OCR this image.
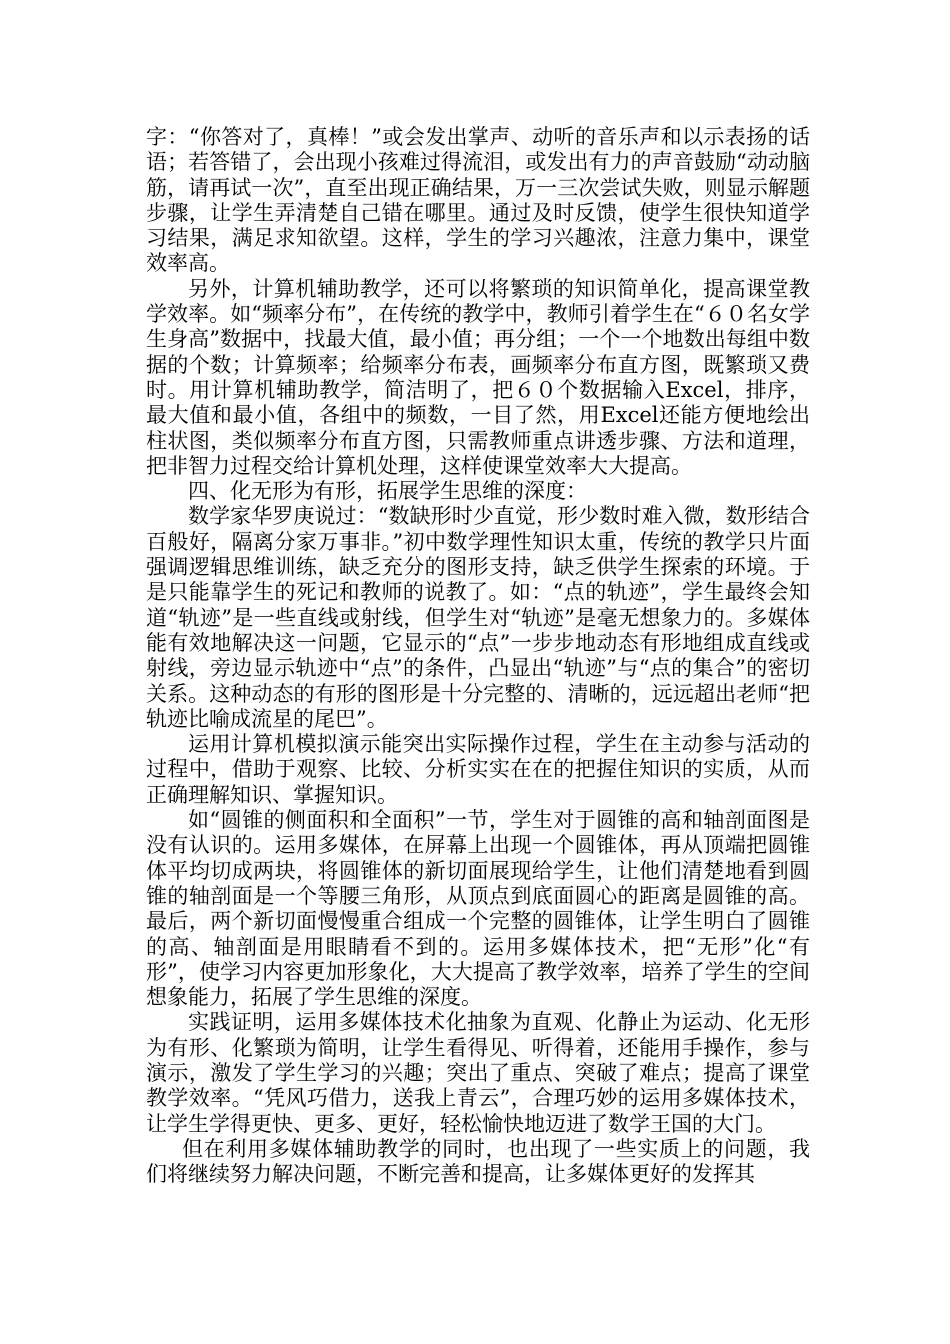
字：“你答对了，真棒！”或会发出掌声、动听的音乐声和以示表扬的话语；若答错了，会出现小孩难过得流泪，或发出有力的声音鼓励“动动脑筋，请再试一次”，直至出现正确结果，万一三次尝试失败，则显示解题步骤，让学生弄清楚自己错在哪里。通过及时反馈，使学生很快知道学习结果，满足求知欲望。这样，学生的学习兴趣浓，注意力集中，课堂效率高。

另外，计算机辅助教学，还可以将繁琐的知识简单化，提高课堂教学效率。如“频率分布”，在传统的教学中，教师引着学生在“６０名女学生身高”数据中，找最大值，最小值；再分组；一个一个地数出每组中数据的个数；计算频率；给频率分布表，画频率分布直方图，既繁琐又费时。用计算机辅助教学，简洁明了，把６０个数据输入Excel，排序，最大值和最小值，各组中的频数，一目了然，用Excel还能方便地绘出柱状图，类似频率分布直方图，只需教师重点讲透步骤、方法和道理，把非智力过程交给计算机处理，这样使课堂效率大大提高。

四、化无形为有形，拓展学生思维的深度：

数学家华罗庚说过：“数缺形时少直觉，形少数时难入微，数形结合百般好，隔离分家万事非。”初中数学理性知识太重，传统的教学只片面强调逻辑思维训练，缺乏充分的图形支持，缺乏供学生探索的环境。于是只能靠学生的死记和教师的说教了。如：“点的轨迹”，学生最终会知道“轨迹”是一些直线或射线，但学生对“轨迹”是毫无想象力的。多媒体能有效地解决这一问题，它显示的“点”一步步地动态有形地组成直线或射线，旁边显示轨迹中“点”的条件，凸显出“轨迹”与“点的集合”的密切关系。这种动态的有形的图形是十分完整的、清晰的，远远超出老师“把轨迹比喻成流星的尾巴”。

运用计算机模拟演示能突出实际操作过程，学生在主动参与活动的过程中，借助于观察、比较、分析实实在在的把握住知识的实质，从而正确理解知识、掌握知识。

如“圆锥的侧面积和全面积”一节，学生对于圆锥的高和轴剖面图是没有认识的。运用多媒体，在屏幕上出现一个圆锥体，再从顶端把圆锥体平均切成两块，将圆锥体的新切面展现给学生，让他们清楚地看到圆锥的轴剖面是一个等腰三角形，从顶点到底面圆心的距离是圆锥的高。最后，两个新切面慢慢重合组成一个完整的圆锥体，让学生明白了圆锥的高、轴剖面是用眼睛看不到的。运用多媒体技术，把“无形”化“有形”，使学习内容更加形象化，大大提高了教学效率，培养了学生的空间想象能力，拓展了学生思维的深度。

实践证明，运用多媒体技术化抽象为直观、化静止为运动、化无形为有形、化繁琐为简明，让学生看得见、听得着，还能用手操作，参与演示，激发了学生学习的兴趣；突出了重点、突破了难点；提高了课堂教学效率。“凭风巧借力，送我上青云”，合理巧妙的运用多媒体技术，让学生学得更快、更多、更好，轻松愉快地迈进了数学王国的大门。

但在利用多媒体辅助教学的同时，也出现了一些实质上的问题，我们将继续努力解决问题，不断完善和提高，让多媒体更好的发挥其
